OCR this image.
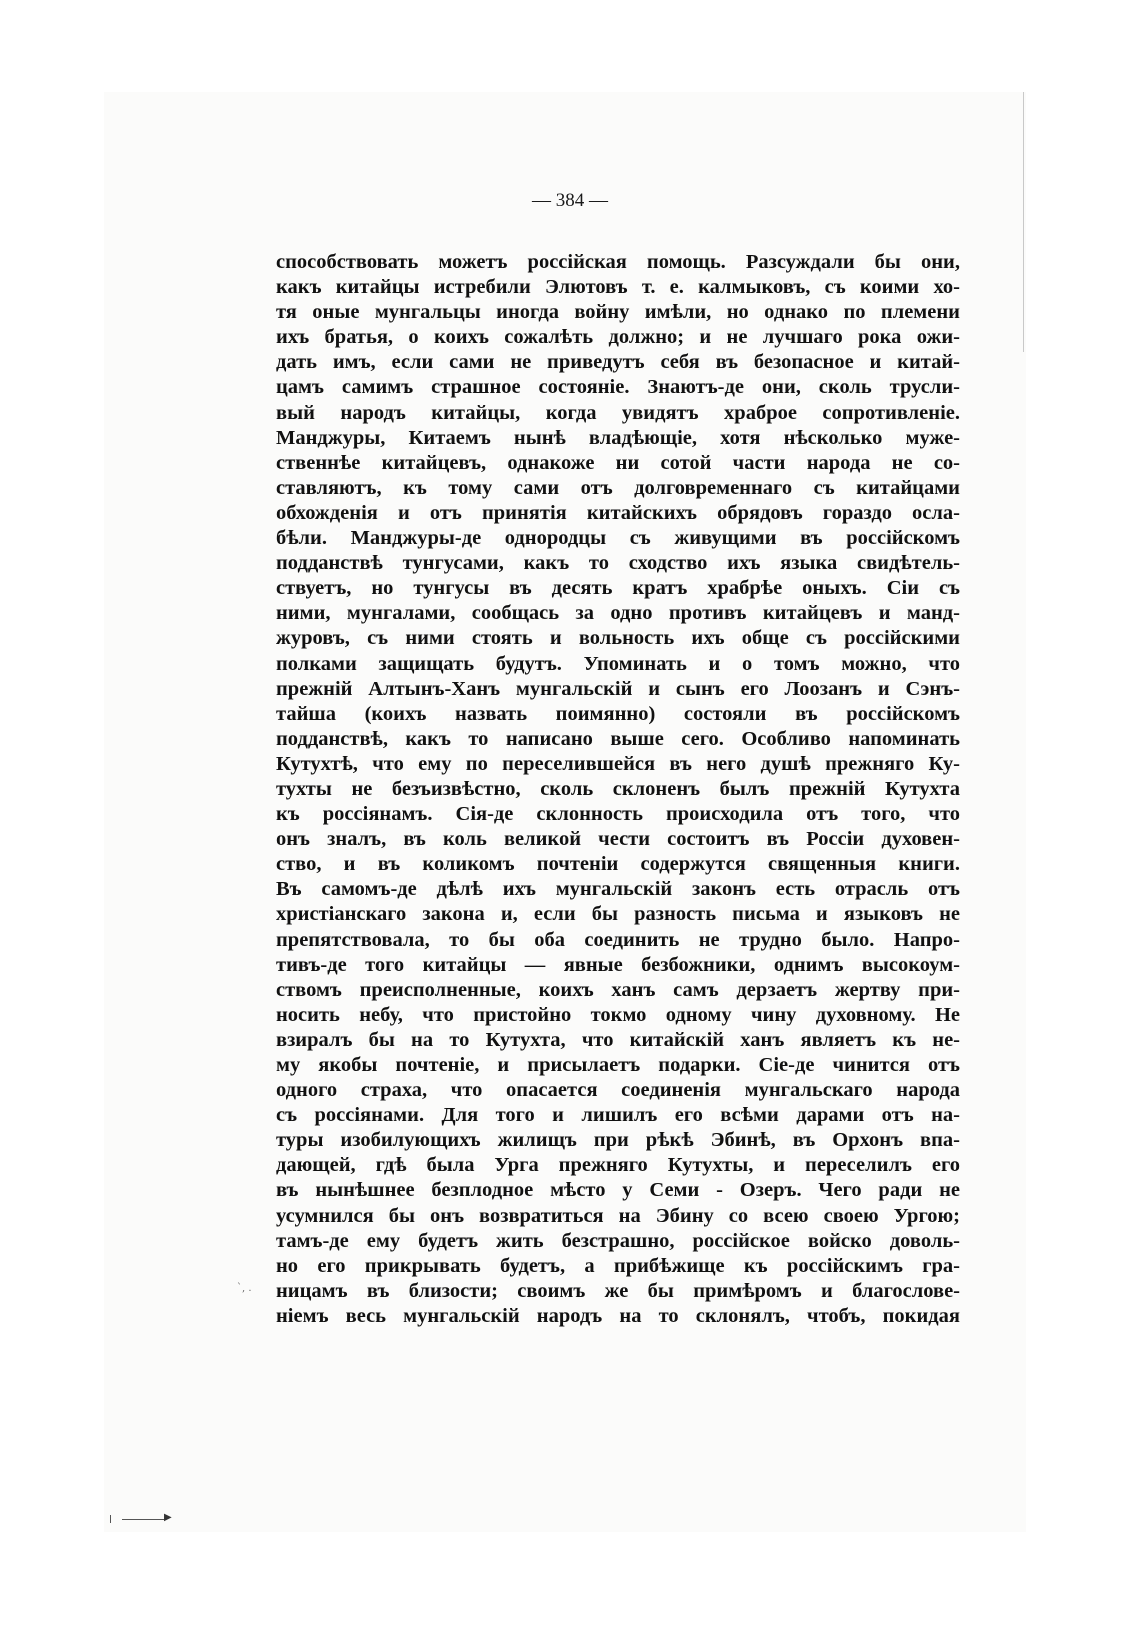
— 384 —
способствовать можетъ россійская помощь. Разсуждали бы они,
какъ китайцы истребили Элютовъ т. е. калмыковъ, съ коими хо-
тя оные мунгальцы иногда войну имѣли, но однако по племени
ихъ братья, о коихъ сожалѣть должно; и не лучшаго рока ожи-
дать имъ, если сами не приведутъ себя въ безопасное и китай-
цамъ самимъ страшное состояніе. Знаютъ-де они, сколь трусли-
вый народъ китайцы, когда увидятъ храброе сопротивленіе.
Манджуры, Китаемъ нынѣ владѣющіе, хотя нѣсколько муже-
ственнѣе китайцевъ, однакоже ни сотой части народа не со-
ставляютъ, къ тому сами отъ долговременнаго съ китайцами
обхожденія и отъ принятія китайскихъ обрядовъ гораздо осла-
бѣли. Манджуры-де однородцы съ живущими въ россійскомъ
подданствѣ тунгусами, какъ то сходство ихъ языка свидѣтель-
ствуетъ, но тунгусы въ десять кратъ храбрѣе оныхъ. Сіи съ
ними, мунгалами, сообщась за одно противъ китайцевъ и манд-
журовъ, съ ними стоять и вольность ихъ обще съ россійскими
полками защищать будутъ. Упоминать и о томъ можно, что
прежній Алтынъ-Ханъ мунгальскій и сынъ его Лоозанъ и Сэнъ-
тайша (коихъ назвать поимянно) состояли въ россійскомъ
подданствѣ, какъ то написано выше сего. Особливо напоминать
Кутухтѣ, что ему по переселившейся въ него душѣ прежняго Ку-
тухты не безъизвѣстно, сколь склоненъ былъ прежній Кутухта
къ россіянамъ. Сія-де склонность происходила отъ того, что
онъ зналъ, въ коль великой чести состоитъ въ Россіи духовен-
ство, и въ коликомъ почтеніи содержутся священныя книги.
Въ самомъ-де дѣлѣ ихъ мунгальскій законъ есть отрасль отъ
христіанскаго закона и, если бы разность письма и языковъ не
препятствовала, то бы оба соединить не трудно было. Напро-
тивъ-де того китайцы — явные безбожники, однимъ высокоум-
ствомъ преисполненные, коихъ ханъ самъ дерзаетъ жертву при-
носить небу, что пристойно токмо одному чину духовному. Не
взиралъ бы на то Кутухта, что китайскій ханъ являетъ къ не-
му якобы почтеніе, и присылаетъ подарки. Сіе-де чинится отъ
одного страха, что опасается соединенія мунгальскаго народа
съ россіянами. Для того и лишилъ его всѣми дарами отъ на-
туры изобилующихъ жилищъ при рѣкѣ Эбинѣ, въ Орхонъ впа-
дающей, гдѣ была Урга прежняго Кутухты, и переселилъ его
въ нынѣшнее безплодное мѣсто у Семи - Озеръ. Чего ради не
усумнился бы онъ возвратиться на Эбину со всею своею Ургою;
тамъ-де ему будетъ жить безстрашно, россійское войско доволь-
но его прикрывать будетъ, а прибѣжище къ россійскимъ гра-
ницамъ въ близости; своимъ же бы примѣромъ и благослове-
ніемъ весь мунгальскій народъ на то склонялъ, чтобъ, покидая
`, .
▶
